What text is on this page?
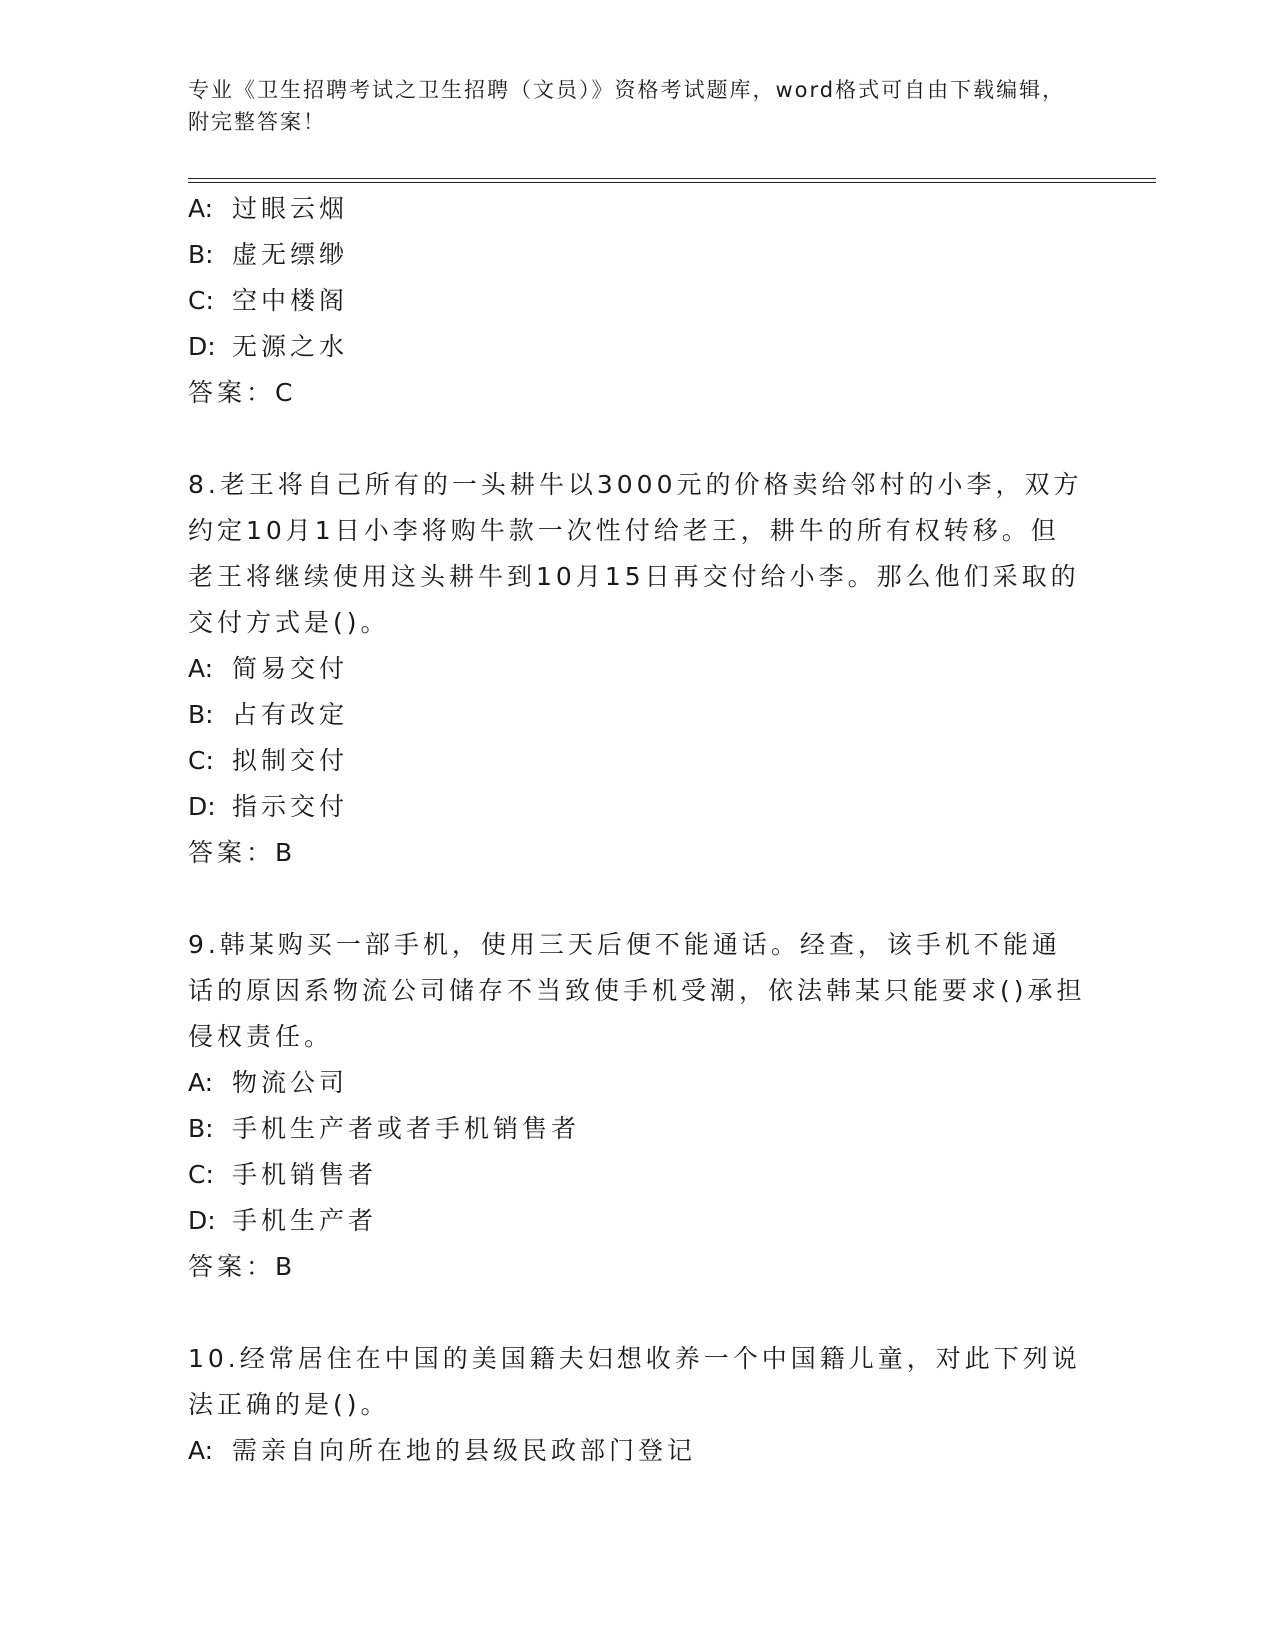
专业《卫生招聘考试之卫生招聘（文员）》资格考试题库，word格式可自由下载编辑，附完整答案！
A: 过眼云烟
B: 虚无缥缈
C: 空中楼阁
D: 无源之水
答案：C
8.老王将自己所有的一头耕牛以3000元的价格卖给邻村的小李，双方约定10月1日小李将购牛款一次性付给老王，耕牛的所有权转移。但老王将继续使用这头耕牛到10月15日再交付给小李。那么他们采取的交付方式是()。
A: 简易交付
B: 占有改定
C: 拟制交付
D: 指示交付
答案：B
9.韩某购买一部手机，使用三天后便不能通话。经查，该手机不能通话的原因系物流公司储存不当致使手机受潮，依法韩某只能要求()承担侵权责任。
A: 物流公司
B: 手机生产者或者手机销售者
C: 手机销售者
D: 手机生产者
答案：B
10.经常居住在中国的美国籍夫妇想收养一个中国籍儿童，对此下列说法正确的是()。
A: 需亲自向所在地的县级民政部门登记
